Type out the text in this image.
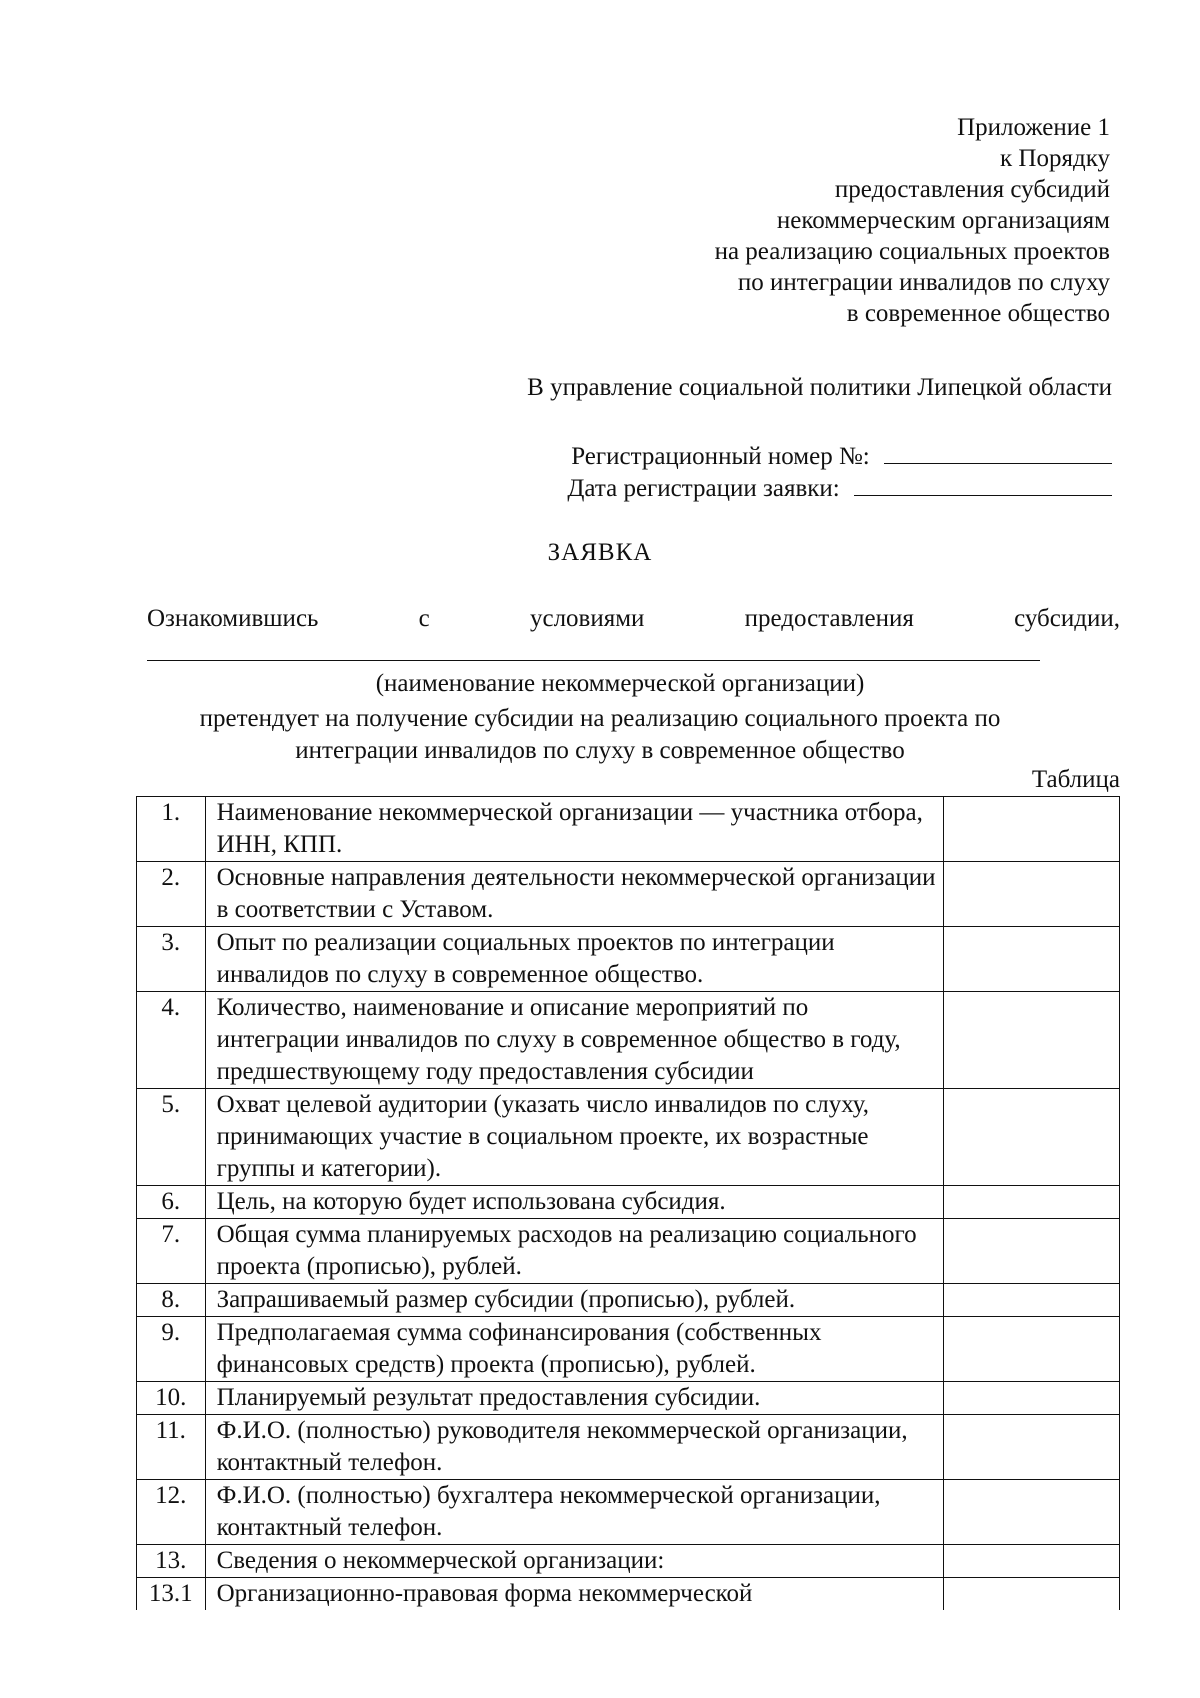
Приложение 1
к Порядку
предоставления субсидий
некоммерческим организациям
на реализацию социальных проектов
по интеграции инвалидов по слуху
в современное общество
В управление социальной политики Липецкой области
Регистрационный номер №:
Дата регистрации заявки:
ЗАЯВКА
Ознакомившись	с	условиями	предоставления	субсидии,
(наименование некоммерческой организации)
претендует на получение субсидии на реализацию социального проекта по
интеграции инвалидов по слуху в современное общество
Таблица
1.	Наименование некоммерческой организации — участника отбора, ИНН, КПП.	
2.	Основные направления деятельности некоммерческой организации в соответствии с Уставом.	
3.	Опыт по реализации социальных проектов по интеграции инвалидов по слуху в современное общество.	
4.	Количество, наименование и описание мероприятий по интеграции инвалидов по слуху в современное общество в году, предшествующему году предоставления субсидии	
5.	Охват целевой аудитории (указать число инвалидов по слуху, принимающих участие в социальном проекте, их возрастные группы и категории).	
6.	Цель, на которую будет использована субсидия.	
7.	Общая сумма планируемых расходов на реализацию социального проекта (прописью), рублей.	
8.	Запрашиваемый размер субсидии (прописью), рублей.	
9.	Предполагаемая сумма софинансирования (собственных финансовых средств) проекта (прописью), рублей.	
10.	Планируемый результат предоставления субсидии.	
11.	Ф.И.О. (полностью) руководителя некоммерческой организации, контактный телефон.	
12.	Ф.И.О. (полностью) бухгалтера некоммерческой организации, контактный телефон.	
13.	Сведения о некоммерческой организации:	
13.1	Организационно-правовая форма некоммерческой	
